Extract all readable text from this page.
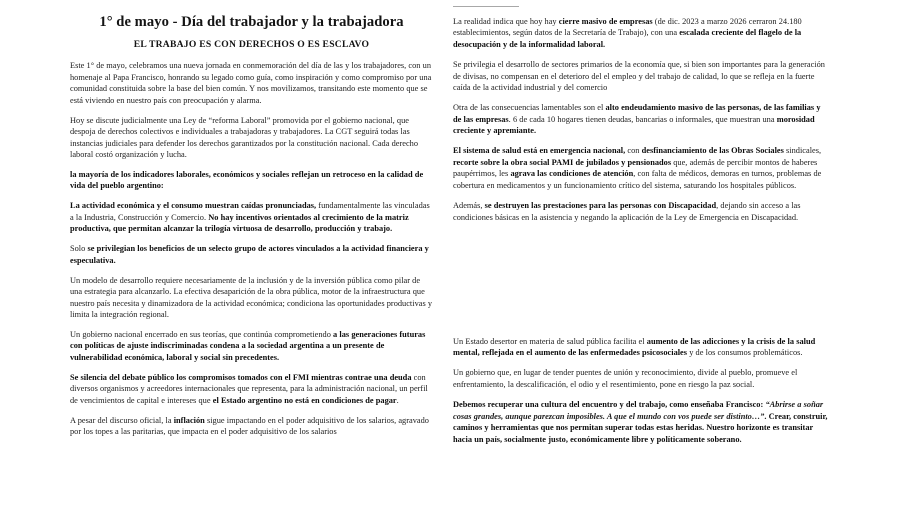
1° de mayo - Día del trabajador y la trabajadora
EL TRABAJO ES CON DERECHOS O ES ESCLAVO

Este 1° de mayo, celebramos una nueva jornada en conmemoración del día de las y los trabajadores, con un homenaje al Papa Francisco, honrando su legado como guía, como inspiración y como compromiso por una comunidad constituida sobre la base del bien común. Y nos movilizamos, transitando este momento que se está viviendo en nuestro país con preocupación y alarma.

Hoy se discute judicialmente una Ley de “reforma Laboral” promovida por el gobierno nacional, que despoja de derechos colectivos e individuales a trabajadoras y trabajadores. La CGT seguirá todas las instancias judiciales para defender los derechos garantizados por la constitución nacional. Cada derecho laboral costó organización y lucha.

la mayoría de los indicadores laborales, económicos y sociales reflejan un retroceso en la calidad de vida del pueblo argentino:

La actividad económica y el consumo muestran caídas pronunciadas, fundamentalmente las vinculadas a la Industria, Construcción y Comercio. No hay incentivos orientados al crecimiento de la matriz productiva, que permitan alcanzar la trilogía virtuosa de desarrollo, producción y trabajo.

Solo se privilegian los beneficios de un selecto grupo de actores vinculados a la actividad financiera y especulativa.

Un modelo de desarrollo requiere necesariamente de la inclusión y de la inversión pública como pilar de una estrategia para alcanzarlo. La efectiva desaparición de la obra pública, motor de la infraestructura que nuestro país necesita y dinamizadora de la actividad económica; condiciona las oportunidades productivas y limita la integración regional.

Un gobierno nacional encerrado en sus teorías, que continúa comprometiendo a las generaciones futuras con políticas de ajuste indiscriminadas condena a la sociedad argentina a un presente de vulnerabilidad económica, laboral y social sin precedentes.

Se silencia del debate público los compromisos tomados con el FMI mientras contrae una deuda con diversos organismos y acreedores internacionales que representa, para la administración nacional, un perfil de vencimientos de capital e intereses que el Estado argentino no está en condiciones de pagar.

A pesar del discurso oficial, la inflación sigue impactando en el poder adquisitivo de los salarios, agravado por los topes a las paritarias, que impacta en el poder adquisitivo de los salarios

La realidad indica que hoy hay cierre masivo de empresas (de dic. 2023 a marzo 2026 cerraron 24.180 establecimientos, según datos de la Secretaría de Trabajo), con una escalada creciente del flagelo de la desocupación y de la informalidad laboral.

Se privilegia el desarrollo de sectores primarios de la economía que, si bien son importantes para la generación de divisas, no compensan en el deterioro del el empleo y del trabajo de calidad, lo que se refleja en la fuerte caída de la actividad industrial y del comercio

Otra de las consecuencias lamentables son el alto endeudamiento masivo de las personas, de las familias y de las empresas. 6 de cada 10 hogares tienen deudas, bancarias o informales, que muestran una morosidad creciente y apremiante.

El sistema de salud está en emergencia nacional, con desfinanciamiento de las Obras Sociales sindicales, recorte sobre la obra social PAMI de jubilados y pensionados que, además de percibir montos de haberes paupérrimos, les agrava las condiciones de atención, con falta de médicos, demoras en turnos, problemas de cobertura en medicamentos y un funcionamiento crítico del sistema, saturando los hospitales públicos.

Además, se destruyen las prestaciones para las personas con Discapacidad, dejando sin acceso a las condiciones básicas en la asistencia y negando la aplicación de la Ley de Emergencia en Discapacidad.

Un Estado desertor en materia de salud pública facilita el aumento de las adicciones y la crisis de la salud mental, reflejada en el aumento de las enfermedades psicosociales y de los consumos problemáticos.

Un gobierno que, en lugar de tender puentes de unión y reconocimiento, divide al pueblo, promueve el enfrentamiento, la descalificación, el odio y el resentimiento, pone en riesgo la paz social.

Debemos recuperar una cultura del encuentro y del trabajo, como enseñaba Francisco: “Abrirse a soñar cosas grandes, aunque parezcan imposibles. A que el mundo con vos puede ser distinto…”. Crear, construir, caminos y herramientas que nos permitan superar todas estas heridas. Nuestro horizonte es transitar hacia un país, socialmente justo, económicamente libre y políticamente soberano.
